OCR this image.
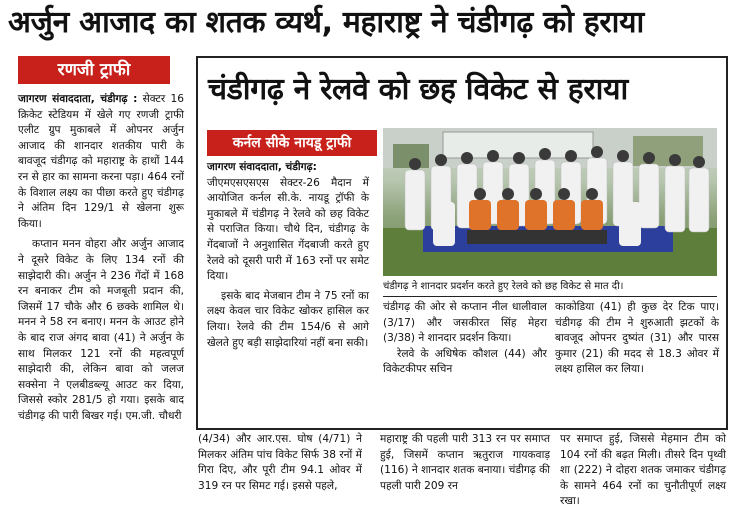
अर्जुन आजाद का शतक व्यर्थ, महाराष्ट्र ने चंडीगढ़ को हराया
रणजी ट्राफी

जागरण संवाददाता, चंडीगढ़ : सेक्टर 16 क्रिकेट स्टेडियम में खेले गए रणजी ट्राफी एलीट ग्रुप मुकाबले में ओपनर अर्जुन आजाद की शानदार शतकीय पारी के बावजूद चंडीगढ़ को महाराष्ट्र के हाथों 144 रन से हार का सामना करना पड़ा। 464 रनों के विशाल लक्ष्य का पीछा करते हुए चंडीगढ़ ने अंतिम दिन 129/1 से खेलना शुरू किया।

कप्तान मनन वोहरा और अर्जुन आजाद ने दूसरे विकेट के लिए 134 रनों की साझेदारी की। अर्जुन ने 236 गेंदों में 168 रन बनाकर टीम को मजबूती प्रदान की, जिसमें 17 चौके और 6 छक्के शामिल थे। मनन ने 58 रन बनाए। मनन के आउट होने के बाद राज अंगद बावा (41) ने अर्जुन के साथ मिलकर 121 रनों की महत्वपूर्ण साझेदारी की, लेकिन बावा को जलज सक्सेना ने एलबीडब्ल्यू आउट कर दिया, जिससे स्कोर 281/5 हो गया। इसके बाद चंडीगढ़ की पारी बिखर गई। एम.जी. चौधरी

चंडीगढ़ ने रेलवे को छह विकेट से हराया
कर्नल सीके नायडू ट्राफी

जागरण संवाददाता, चंडीगढ़:

जीएमएसएसएस सेक्टर-26 मैदान में आयोजित कर्नल सी.के. नायडू ट्रॉफी के मुकाबले में चंडीगढ़ ने रेलवे को छह विकेट से पराजित किया। चौथे दिन, चंडीगढ़ के गेंदबाजों ने अनुशासित गेंदबाजी करते हुए रेलवे को दूसरी पारी में 163 रनों पर समेट दिया।

इसके बाद मेजबान टीम ने 75 रनों का लक्ष्य केवल चार विकेट खोकर हासिल कर लिया। रेलवे की टीम 154/6 से आगे खेलते हुए बड़ी साझेदारियां नहीं बना सकी।

चंडीगढ़ ने शानदार प्रदर्शन करते हुए रेलवे को छह विकेट से मात दी।

चंडीगढ़ की ओर से कप्तान नील धालीवाल (3/17) और जसकीरत सिंह मेहरा (3/38) ने शानदार प्रदर्शन किया।

रेलवे के अधिषेक कौशल (44) और विकेटकीपर सचिन

काकोडिया (41) ही कुछ देर टिक पाए। चंडीगढ़ की टीम ने शुरुआती झटकों के बावजूद ओपनर दुष्यंत (31) और पारस कुमार (21) की मदद से 18.3 ओवर में लक्ष्य हासिल कर लिया।

(4/34) और आर.एस. घोष (4/71) ने मिलकर अंतिम पांच विकेट सिर्फ 38 रनों में गिरा दिए, और पूरी टीम 94.1 ओवर में 319 रन पर सिमट गई। इससे पहले,
महाराष्ट्र की पहली पारी 313 रन पर समाप्त हुई, जिसमें कप्तान ऋतुराज गायकवाड़ (116) ने शानदार शतक बनाया। चंडीगढ़ की पहली पारी 209 रन
पर समाप्त हुई, जिससे मेहमान टीम को 104 रनों की बढ़त मिली। तीसरे दिन पृथ्वी शा (222) ने दोहरा शतक जमाकर चंडीगढ़ के सामने 464 रनों का चुनौतीपूर्ण लक्ष्य रखा।
